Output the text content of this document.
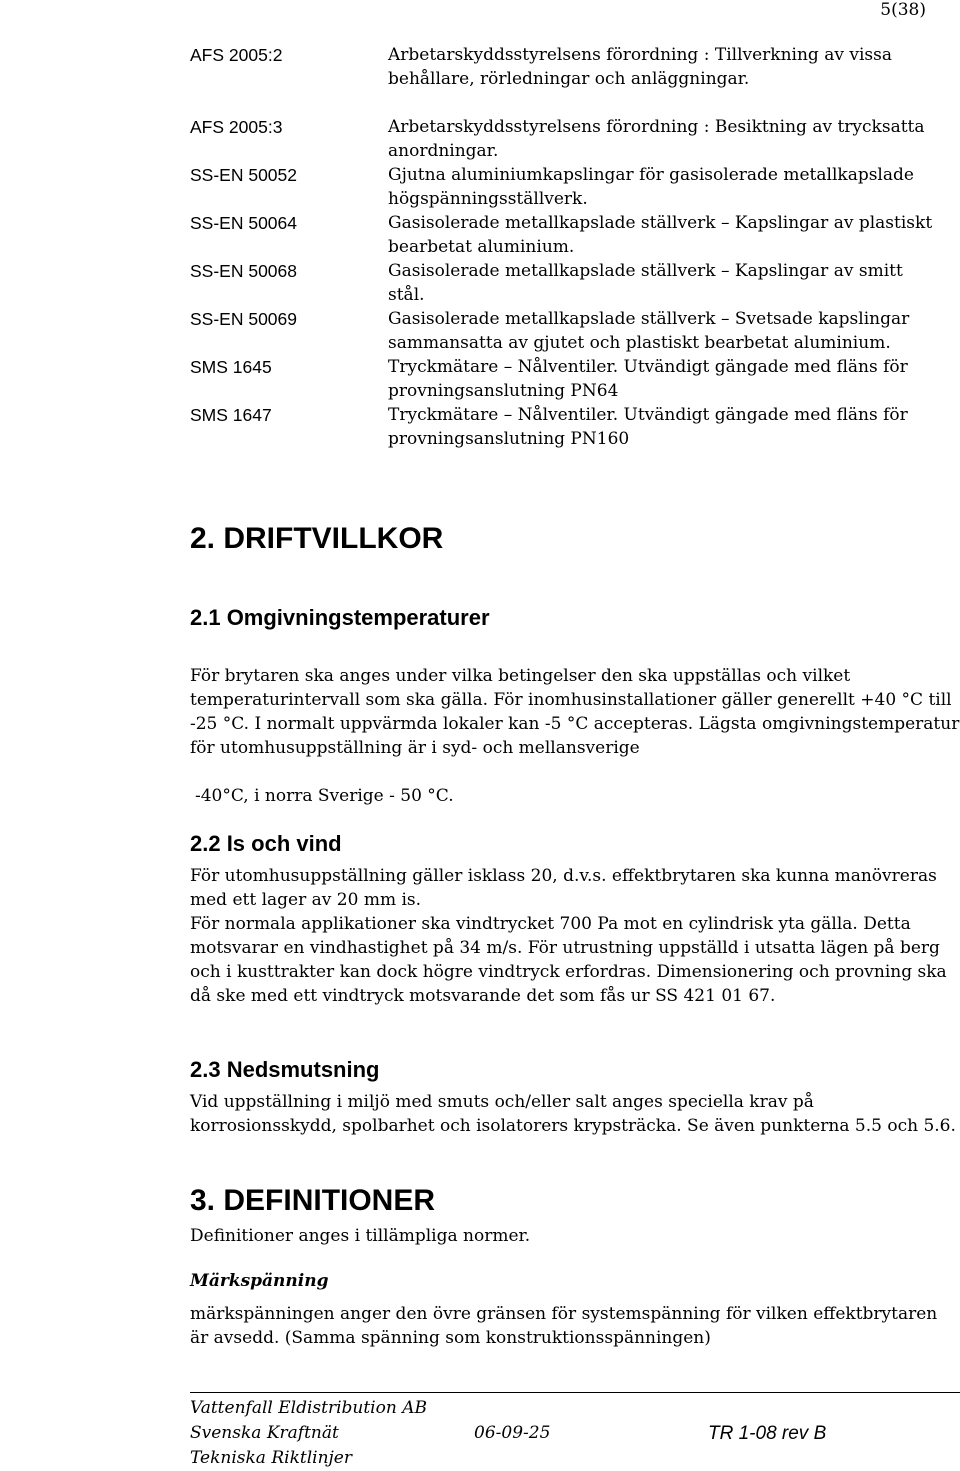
5(38)
AFS 2005:2	Arbetarskyddsstyrelsens förordning : Tillverkning av vissa behållare, rörledningar och anläggningar.
AFS 2005:3	Arbetarskyddsstyrelsens förordning : Besiktning av trycksatta anordningar.
SS-EN 50052	Gjutna aluminiumkapslingar för gasisolerade metallkapslade högspänningsställverk.
SS-EN 50064	Gasisolerade metallkapslade ställverk – Kapslingar av plastiskt bearbetat aluminium.
SS-EN 50068	Gasisolerade metallkapslade ställverk – Kapslingar av smitt stål.
SS-EN 50069	Gasisolerade metallkapslade ställverk – Svetsade kapslingar sammansatta av gjutet och plastiskt bearbetat aluminium.
SMS 1645	Tryckmätare – Nålventiler. Utvändigt gängade med fläns för provningsanslutning PN64
SMS 1647	Tryckmätare – Nålventiler. Utvändigt gängade med fläns för provningsanslutning PN160
2. DRIFTVILLKOR
2.1 Omgivningstemperaturer

För brytaren ska anges under vilka betingelser den ska uppställas och vilket temperaturintervall som ska gälla. För inomhusinstallationer gäller generellt +40 °C till -25 °C. I normalt uppvärmda lokaler kan -5 °C accepteras. Lägsta omgivningstemperatur för utomhusuppställning är i syd- och mellansverige

-40°C, i norra Sverige - 50 °C.

2.2 Is och vind

För utomhusuppställning gäller isklass 20, d.v.s. effektbrytaren ska kunna manövreras med ett lager av 20 mm is.

För normala applikationer ska vindtrycket 700 Pa mot en cylindrisk yta gälla. Detta motsvarar en vindhastighet på 34 m/s. För utrustning uppställd i utsatta lägen på berg och i kusttrakter kan dock högre vindtryck erfordras. Dimensionering och provning ska då ske med ett vindtryck motsvarande det som fås ur SS 421 01 67.

2.3 Nedsmutsning

Vid uppställning i miljö med smuts och/eller salt anges speciella krav på korrosionsskydd, spolbarhet och isolatorers krypsträcka. Se även punkterna 5.5 och 5.6.

3. DEFINITIONER

Definitioner anges i tillämpliga normer.

Märkspänning

märkspänningen anger den övre gränsen för systemspänning för vilken effektbrytaren är avsedd. (Samma spänning som konstruktionsspänningen)

Vattenfall Eldistribution AB
Svenska Kraftnät
Tekniska Riktlinjer
06-09-25	TR 1-08 rev B
